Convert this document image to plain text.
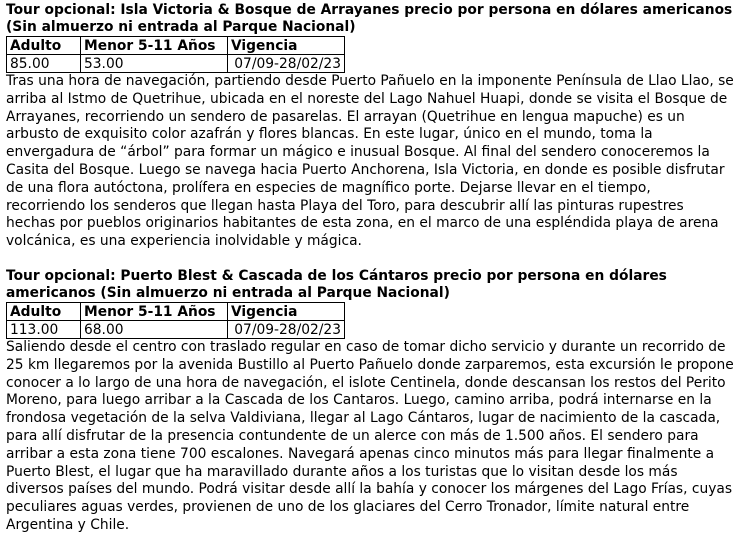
Tour opcional: Isla Victoria & Bosque de Arrayanes precio por persona en dólares americanos (Sin almuerzo ni entrada al Parque Nacional)

Adulto	Menor 5-11 Años	Vigencia
85.00	53.00	07/09-28/02/23

Tras una hora de navegación, partiendo desde Puerto Pañuelo en la imponente Península de Llao Llao, se arriba al Istmo de Quetrihue, ubicada en el noreste del Lago Nahuel Huapi, donde se visita el Bosque de Arrayanes, recorriendo un sendero de pasarelas. El arrayan (Quetrihue en lengua mapuche) es un arbusto de exquisito color azafrán y flores blancas. En este lugar, único en el mundo, toma la envergadura de “árbol” para formar un mágico e inusual Bosque. Al final del sendero conoceremos la Casita del Bosque. Luego se navega hacia Puerto Anchorena, Isla Victoria, en donde es posible disfrutar de una flora autóctona, prolífera en especies de magnífico porte. Dejarse llevar en el tiempo, recorriendo los senderos que llegan hasta Playa del Toro, para descubrir allí las pinturas rupestres hechas por pueblos originarios habitantes de esta zona, en el marco de una espléndida playa de arena volcánica, es una experiencia inolvidable y mágica.

Tour opcional: Puerto Blest & Cascada de los Cántaros precio por persona en dólares americanos (Sin almuerzo ni entrada al Parque Nacional)

Adulto	Menor 5-11 Años	Vigencia
113.00	68.00	07/09-28/02/23

Saliendo desde el centro con traslado regular en caso de tomar dicho servicio y durante un recorrido de 25 km llegaremos por la avenida Bustillo al Puerto Pañuelo donde zarparemos, esta excursión le propone conocer a lo largo de una hora de navegación, el islote Centinela, donde descansan los restos del Perito Moreno, para luego arribar a la Cascada de los Cantaros. Luego, camino arriba, podrá internarse en la frondosa vegetación de la selva Valdiviana, llegar al Lago Cántaros, lugar de nacimiento de la cascada, para allí disfrutar de la presencia contundente de un alerce con más de 1.500 años. El sendero para arribar a esta zona tiene 700 escalones. Navegará apenas cinco minutos más para llegar finalmente a Puerto Blest, el lugar que ha maravillado durante años a los turistas que lo visitan desde los más diversos países del mundo. Podrá visitar desde allí la bahía y conocer los márgenes del Lago Frías, cuyas peculiares aguas verdes, provienen de uno de los glaciares del Cerro Tronador, límite natural entre Argentina y Chile.
